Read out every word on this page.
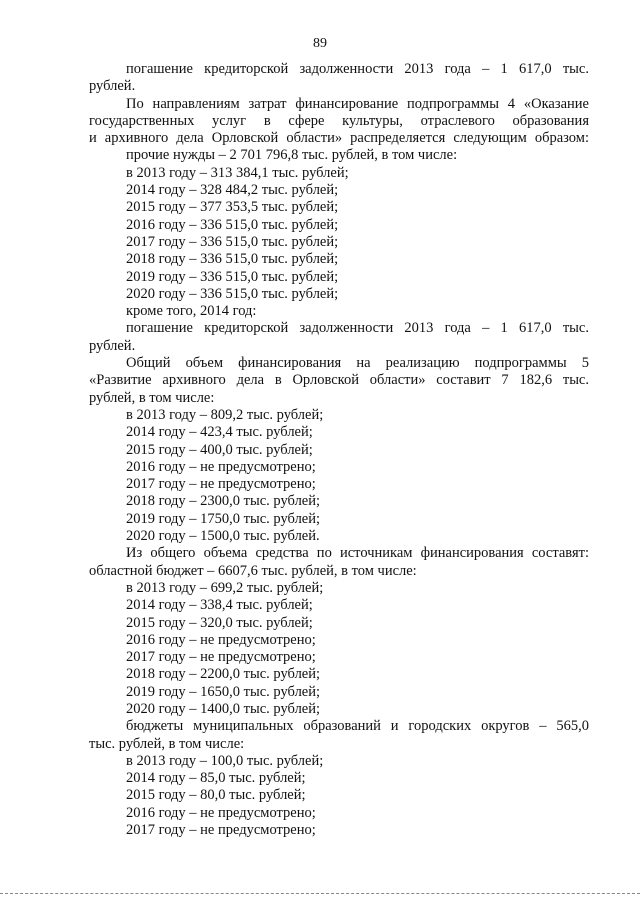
89
погашение кредиторской задолженности 2013 года – 1 617,0 тыс.
рублей.
По направлениям затрат финансирование подпрограммы 4 «Оказание
государственных услуг в сфере культуры, отраслевого образования
и архивного дела Орловской области» распределяется следующим образом:
прочие нужды – 2 701 796,8 тыс. рублей, в том числе:
в 2013 году – 313 384,1 тыс. рублей;
2014 году – 328 484,2 тыс. рублей;
2015 году – 377 353,5 тыс. рублей;
2016 году – 336 515,0 тыс. рублей;
2017 году – 336 515,0 тыс. рублей;
2018 году – 336 515,0 тыс. рублей;
2019 году – 336 515,0 тыс. рублей;
2020 году – 336 515,0 тыс. рублей;
кроме того, 2014 год:
погашение кредиторской задолженности 2013 года – 1 617,0 тыс.
рублей.
Общий объем финансирования на реализацию подпрограммы 5
«Развитие архивного дела в Орловской области» составит 7 182,6 тыс.
рублей, в том числе:
в 2013 году – 809,2 тыс. рублей;
2014 году – 423,4 тыс. рублей;
2015 году – 400,0 тыс. рублей;
2016 году – не предусмотрено;
2017 году – не предусмотрено;
2018 году – 2300,0 тыс. рублей;
2019 году – 1750,0 тыс. рублей;
2020 году – 1500,0 тыс. рублей.
Из общего объема средства по источникам финансирования составят:
областной бюджет – 6607,6 тыс. рублей, в том числе:
в 2013 году – 699,2 тыс. рублей;
2014 году – 338,4 тыс. рублей;
2015 году – 320,0 тыс. рублей;
2016 году – не предусмотрено;
2017 году – не предусмотрено;
2018 году – 2200,0 тыс. рублей;
2019 году – 1650,0 тыс. рублей;
2020 году – 1400,0 тыс. рублей;
бюджеты муниципальных образований и городских округов – 565,0
тыс. рублей, в том числе:
в 2013 году – 100,0 тыс. рублей;
2014 году – 85,0 тыс. рублей;
2015 году – 80,0 тыс. рублей;
2016 году – не предусмотрено;
2017 году – не предусмотрено;
